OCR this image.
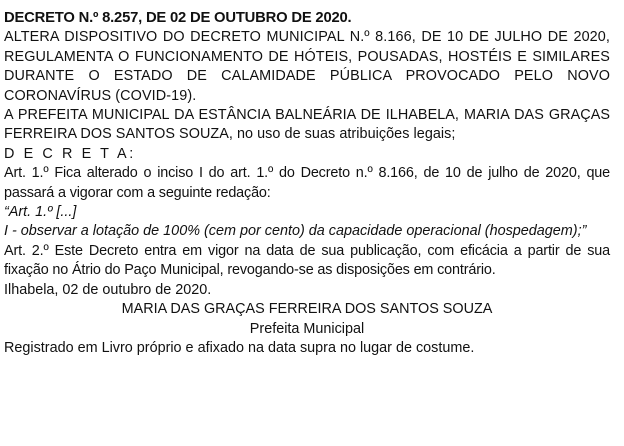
DECRETO N.º 8.257, DE 02 DE OUTUBRO DE 2020.

ALTERA DISPOSITIVO DO DECRETO MUNICIPAL N.º 8.166, DE 10 DE JULHO DE 2020, REGULAMENTA O FUNCIONAMENTO DE HÓTEIS, POUSADAS, HOSTÉIS E SIMILARES DURANTE O ESTADO DE CALAMIDADE PÚBLICA PROVOCADO PELO NOVO CORONAVÍRUS (COVID-19).

A PREFEITA MUNICIPAL DA ESTÂNCIA BALNEÁRIA DE ILHABELA, MARIA DAS GRAÇAS FERREIRA DOS SANTOS SOUZA, no uso de suas atribuições legais;

D E C R E T A:

Art. 1.º Fica alterado o inciso I do art. 1.º do Decreto n.º 8.166, de 10 de julho de 2020, que passará a vigorar com a seguinte redação:

“Art. 1.º [...]

I - observar a lotação de 100% (cem por cento) da capacidade operacional (hospedagem);”

Art. 2.º Este Decreto entra em vigor na data de sua publicação, com eficácia a partir de sua fixação no Átrio do Paço Municipal, revogando-se as disposições em contrário.

Ilhabela, 02 de outubro de 2020.

MARIA DAS GRAÇAS FERREIRA DOS SANTOS SOUZA

Prefeita Municipal

Registrado em Livro próprio e afixado na data supra no lugar de costume.
